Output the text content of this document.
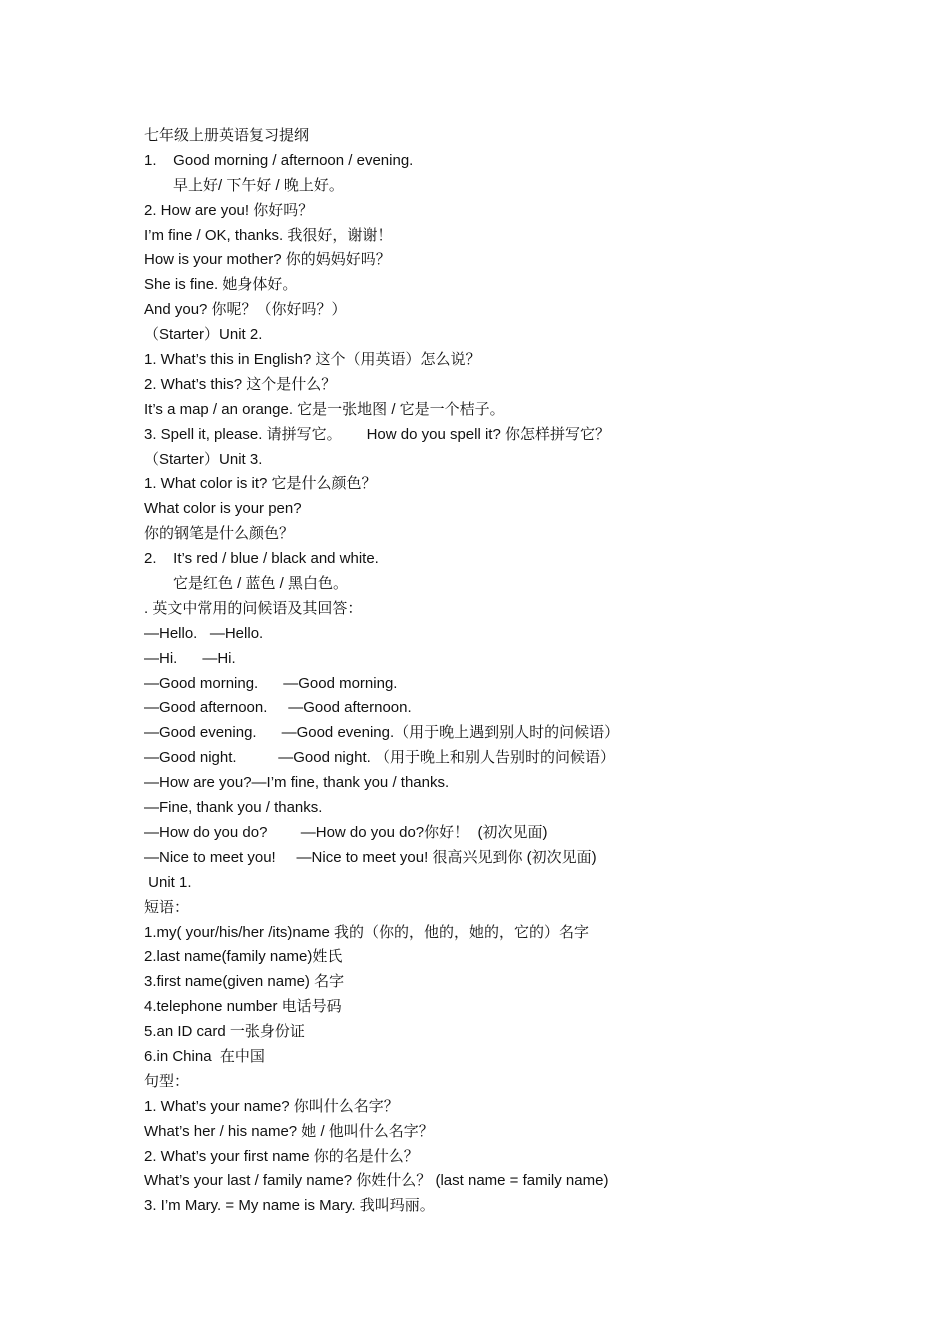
七年级上册英语复习提纲
1.    Good morning / afternoon / evening.
早上好/ 下午好 / 晚上好。
2. How are you! 你好吗？
I’m fine / OK, thanks. 我很好，谢谢！
How is your mother? 你的妈妈好吗？
She is fine. 她身体好。
And you? 你呢？（你好吗？）
（Starter）Unit 2.
1. What’s this in English? 这个（用英语）怎么说？
2. What’s this? 这个是什么？
It’s a map / an orange. 它是一张地图 / 它是一个桔子。
3. Spell it, please. 请拼写它。      How do you spell it? 你怎样拼写它？
（Starter）Unit 3.
1. What color is it? 它是什么颜色？
What color is your pen?
你的钢笔是什么颜色？
2.    It’s red / blue / black and white.
它是红色 / 蓝色 / 黑白色。
. 英文中常用的问候语及其回答：
—Hello.   —Hello.
—Hi.      —Hi.
—Good morning.      —Good morning.
—Good afternoon.     —Good afternoon.
—Good evening.      —Good evening.（用于晚上遇到别人时的问候语）
—Good night.          —Good night. （用于晚上和别人告别时的问候语）
—How are you?—I’m fine, thank you / thanks.
—Fine, thank you / thanks.
—How do you do?        —How do you do?你好！  (初次见面)
—Nice to meet you!     —Nice to meet you! 很高兴见到你 (初次见面)
Unit 1.
短语：
1.my( your/his/her /its)name 我的（你的，他的，她的，它的）名字
2.last name(family name)姓氏
3.first name(given name) 名字
4.telephone number 电话号码
5.an ID card 一张身份证
6.in China  在中国
句型：
1. What’s your name? 你叫什么名字？
What’s her / his name? 她 / 他叫什么名字？
2. What’s your first name 你的名是什么？
What’s your last / family name? 你姓什么？ (last name = family name)
3. I’m Mary. = My name is Mary. 我叫玛丽。
